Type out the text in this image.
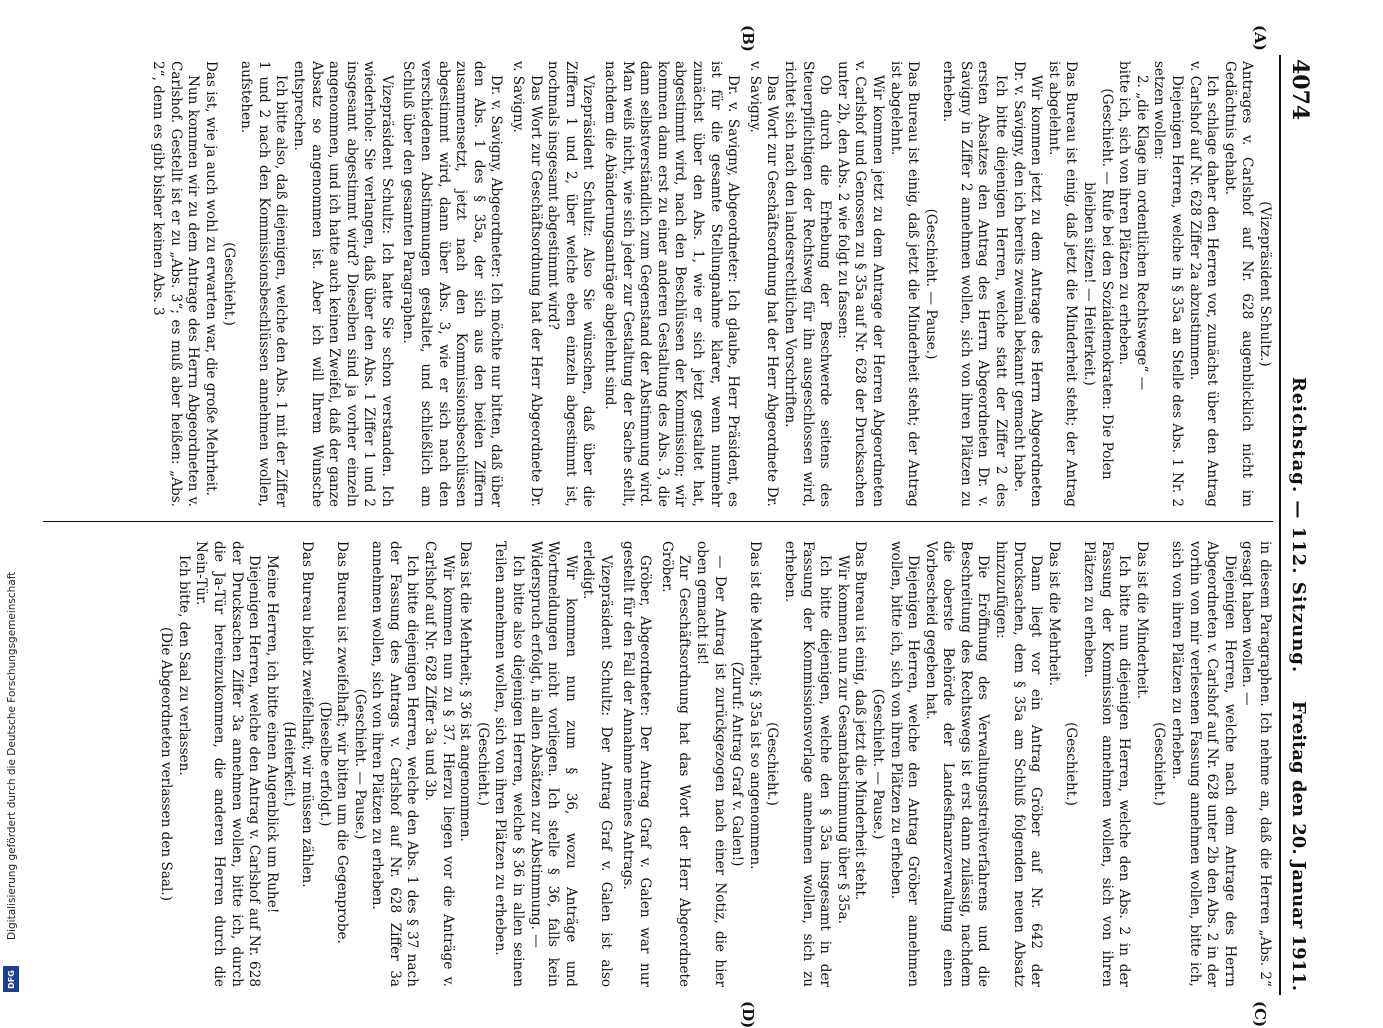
Digitalisierung gefördert durch die Deutsche Forschungsgemeinschaft
DFG
4074
Reichstag. — 112. Sitzung.
Freitag den 20. Januar 1911.
(A)
(B)
(C)
(D)

(Vizepräsident Schultz.)

Antrages v. Carlshof auf Nr. 628 augenblicklich nicht im Gedächtnis gehabt.

Ich schlage daher den Herren vor, zunächst über den Antrag v. Carlshof auf Nr. 628 Ziffer 2a abzustimmen.

Diejenigen Herren, welche in § 35a an Stelle des Abs. 1 Nr. 2 setzen wollen:

2. „die Klage im ordentlichen Rechtswege“ —

bitte ich, sich von ihren Plätzen zu erheben.

(Geschieht. — Rufe bei den Sozialdemokraten: Die Polen bleiben sitzen! — Heiterkeit.)

Das Bureau ist einig, daß jetzt die Minderheit steht; der Antrag ist abgelehnt.

Wir kommen jetzt zu dem Antrage des Herrn Abgeordneten Dr. v. Savigny, den ich bereits zweimal bekannt gemacht habe.

Ich bitte diejenigen Herren, welche statt der Ziffer 2 des ersten Absatzes den Antrag des Herrn Abgeordneten Dr. v. Savigny in Ziffer 2 annehmen wollen, sich von ihren Plätzen zu erheben.

(Geschieht. — Pause.)

Das Bureau ist einig, daß jetzt die Minderheit steht; der Antrag ist abgelehnt.

Wir kommen jetzt zu dem Antrage der Herren Abgeordneten v. Carlshof und Genossen zu § 35a auf Nr. 628 der Drucksachen unter 2b, den Abs. 2 wie folgt zu fassen:

Ob durch die Erhebung der Beschwerde seitens des Steuerpflichtigen der Rechtsweg für ihn ausgeschlossen wird, richtet sich nach den landesrechtlichen Vorschriften.

Das Wort zur Geschäftsordnung hat der Herr Abgeordnete Dr. v. Savigny.

Dr. v. Savigny, Abgeordneter: Ich glaube, Herr Präsident, es ist für die gesamte Stellungnahme klarer, wenn nunmehr zunächst über den Abs. 1, wie er sich jetzt gestaltet hat, abgestimmt wird, nach den Beschlüssen der Kommission; wir kommen dann erst zu einer anderen Gestaltung des Abs. 3, die dann selbstverständlich zum Gegenstand der Abstimmung wird. Man weiß nicht, wie sich jeder zur Gestaltung der Sache stellt, nachdem die Abänderungsanträge abgelehnt sind.

Vizepräsident Schultz: Also Sie wünschen, daß über die Ziffern 1 und 2, über welche eben einzeln abgestimmt ist, nochmals insgesamt abgestimmt wird?

Das Wort zur Geschäftsordnung hat der Herr Abgeordnete Dr. v. Savigny.

Dr. v. Savigny, Abgeordneter: Ich möchte nur bitten, daß über den Abs. 1 des § 35a, der sich aus den beiden Ziffern zusammensetzt, jetzt nach den Kommissionsbeschlüssen abgestimmt wird, dann über Abs. 3, wie er sich nach den verschiedenen Abstimmungen gestaltet, und schließlich am Schluß über den gesamten Paragraphen.

Vizepräsident Schultz: Ich hatte Sie schon verstanden. Ich wiederhole: Sie verlangen, daß über den Abs. 1 Ziffer 1 und 2 insgesamt abgestimmt wird? Dieselben sind ja vorher einzeln angenommen, und ich hatte auch keinen Zweifel, daß der ganze Absatz so angenommen ist. Aber ich will Ihrem Wunsche entsprechen.

Ich bitte also, daß diejenigen, welche den Abs. 1 mit der Ziffer 1 und 2 nach den Kommissionsbeschlüssen annehmen wollen, aufstehen.

(Geschieht.)

Das ist, wie ja auch wohl zu erwarten war, die große Mehrheit.

Nun kommen wir zu dem Antrage des Herrn Abgeordneten v. Carlshof. Gestellt ist er zu „Abs. 3“; es muß aber heißen: „Abs. 2“, denn es gibt bisher keinen Abs. 3

in diesem Paragraphen. Ich nehme an, daß die Herren „Abs. 2“ gesagt haben wollen. —

Diejenigen Herren, welche nach dem Antrage des Herrn Abgeordneten v. Carlshof auf Nr. 628 unter 2b den Abs. 2 in der vorhin von mir verlesenen Fassung annehmen wollen, bitte ich, sich von ihren Plätzen zu erheben.

(Geschieht.)

Das ist die Minderheit.

Ich bitte nun diejenigen Herren, welche den Abs. 2 in der Fassung der Kommission annehmen wollen, sich von ihren Plätzen zu erheben.

(Geschieht.)

Das ist die Mehrheit.

Dann liegt vor ein Antrag Gröber auf Nr. 642 der Drucksachen, dem § 35a am Schluß folgenden neuen Absatz hinzuzufügen:

Die Eröffnung des Verwaltungsstreitverfahrens und die Beschreitung des Rechtswegs ist erst dann zulässig, nachdem die oberste Behörde der Landesfinanzverwaltung einen Vorbescheid gegeben hat.

Diejenigen Herren, welche den Antrag Gröber annehmen wollen, bitte ich, sich von ihren Plätzen zu erheben.

(Geschieht. — Pause.)

Das Bureau ist einig, daß jetzt die Minderheit steht.

Wir kommen nun zur Gesamtabstimmung über § 35a.

Ich bitte diejenigen, welche den § 35a insgesamt in der Fassung der Kommissionsvorlage annehmen wollen, sich zu erheben.

(Geschieht.)

Das ist die Mehrheit; § 35a ist so angenommen.

(Zuruf: Antrag Graf v. Galen!)

— Der Antrag ist zurückgezogen nach einer Notiz, die hier oben gemacht ist!

Zur Geschäftsordnung hat das Wort der Herr Abgeordnete Gröber.

Gröber, Abgeordneter: Der Antrag Graf v. Galen war nur gestellt für den Fall der Annahme meines Antrags.

Vizepräsident Schultz: Der Antrag Graf v. Galen ist also erledigt.

Wir kommen nun zum § 36, wozu Anträge und Wortmeldungen nicht vorliegen. Ich stelle § 36, falls kein Widerspruch erfolgt, in allen Absätzen zur Abstimmung. —

Ich bitte also diejenigen Herren, welche § 36 in allen seinen Teilen annehmen wollen, sich von ihren Plätzen zu erheben.

(Geschieht.)

Das ist die Mehrheit; § 36 ist angenommen.

Wir kommen nun zu § 37. Hierzu liegen vor die Anträge v. Carlshof auf Nr. 628 Ziffer 3a und 3b.

Ich bitte diejenigen Herren, welche den Abs. 1 des § 37 nach der Fassung des Antrags v. Carlshof auf Nr. 628 Ziffer 3a annehmen wollen, sich von ihren Plätzen zu erheben.

(Geschieht. — Pause.)

Das Bureau ist zweifelhaft; wir bitten um die Gegenprobe.

(Dieselbe erfolgt.)

Das Bureau bleibt zweifelhaft; wir müssen zählen.

(Heiterkeit.)

Meine Herren, ich bitte einen Augenblick um Ruhe!

Diejenigen Herren, welche den Antrag v. Carlshof auf Nr. 628 der Drucksachen Ziffer 3a annehmen wollen, bitte ich, durch die Ja-Tür hereinzukommen, die anderen Herren durch die Nein-Tür.

Ich bitte, den Saal zu verlassen.

(Die Abgeordneten verlassen den Saal.)
